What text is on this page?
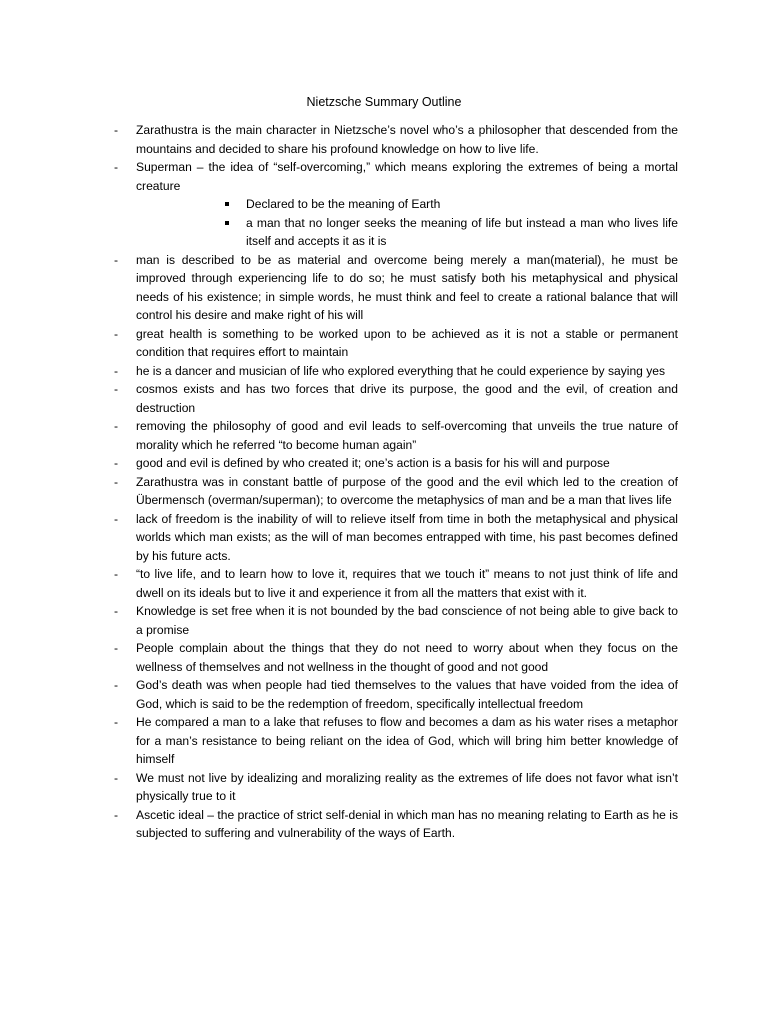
Nietzsche Summary Outline
- Zarathustra is the main character in Nietzsche’s novel who’s a philosopher that descended from the mountains and decided to share his profound knowledge on how to live life.
- Superman – the idea of “self-overcoming,” which means exploring the extremes of being a mortal creature
Declared to be the meaning of Earth
a man that no longer seeks the meaning of life but instead a man who lives life itself and accepts it as it is
- man is described to be as material and overcome being merely a man(material), he must be improved through experiencing life to do so; he must satisfy both his metaphysical and physical needs of his existence; in simple words, he must think and feel to create a rational balance that will control his desire and make right of his will
- great health is something to be worked upon to be achieved as it is not a stable or permanent condition that requires effort to maintain
- he is a dancer and musician of life who explored everything that he could experience by saying yes
- cosmos exists and has two forces that drive its purpose, the good and the evil, of creation and destruction
- removing the philosophy of good and evil leads to self-overcoming that unveils the true nature of morality which he referred “to become human again”
- good and evil is defined by who created it; one’s action is a basis for his will and purpose
- Zarathustra was in constant battle of purpose of the good and the evil which led to the creation of Übermensch (overman/superman); to overcome the metaphysics of man and be a man that lives life
- lack of freedom is the inability of will to relieve itself from time in both the metaphysical and physical worlds which man exists; as the will of man becomes entrapped with time, his past becomes defined by his future acts.
- “to live life, and to learn how to love it, requires that we touch it” means to not just think of life and dwell on its ideals but to live it and experience it from all the matters that exist with it.
- Knowledge is set free when it is not bounded by the bad conscience of not being able to give back to a promise
- People complain about the things that they do not need to worry about when they focus on the wellness of themselves and not wellness in the thought of good and not good
- God’s death was when people had tied themselves to the values that have voided from the idea of God, which is said to be the redemption of freedom, specifically intellectual freedom
- He compared a man to a lake that refuses to flow and becomes a dam as his water rises a metaphor for a man’s resistance to being reliant on the idea of God, which will bring him better knowledge of himself
- We must not live by idealizing and moralizing reality as the extremes of life does not favor what isn’t physically true to it
- Ascetic ideal – the practice of strict self-denial in which man has no meaning relating to Earth as he is subjected to suffering and vulnerability of the ways of Earth.
